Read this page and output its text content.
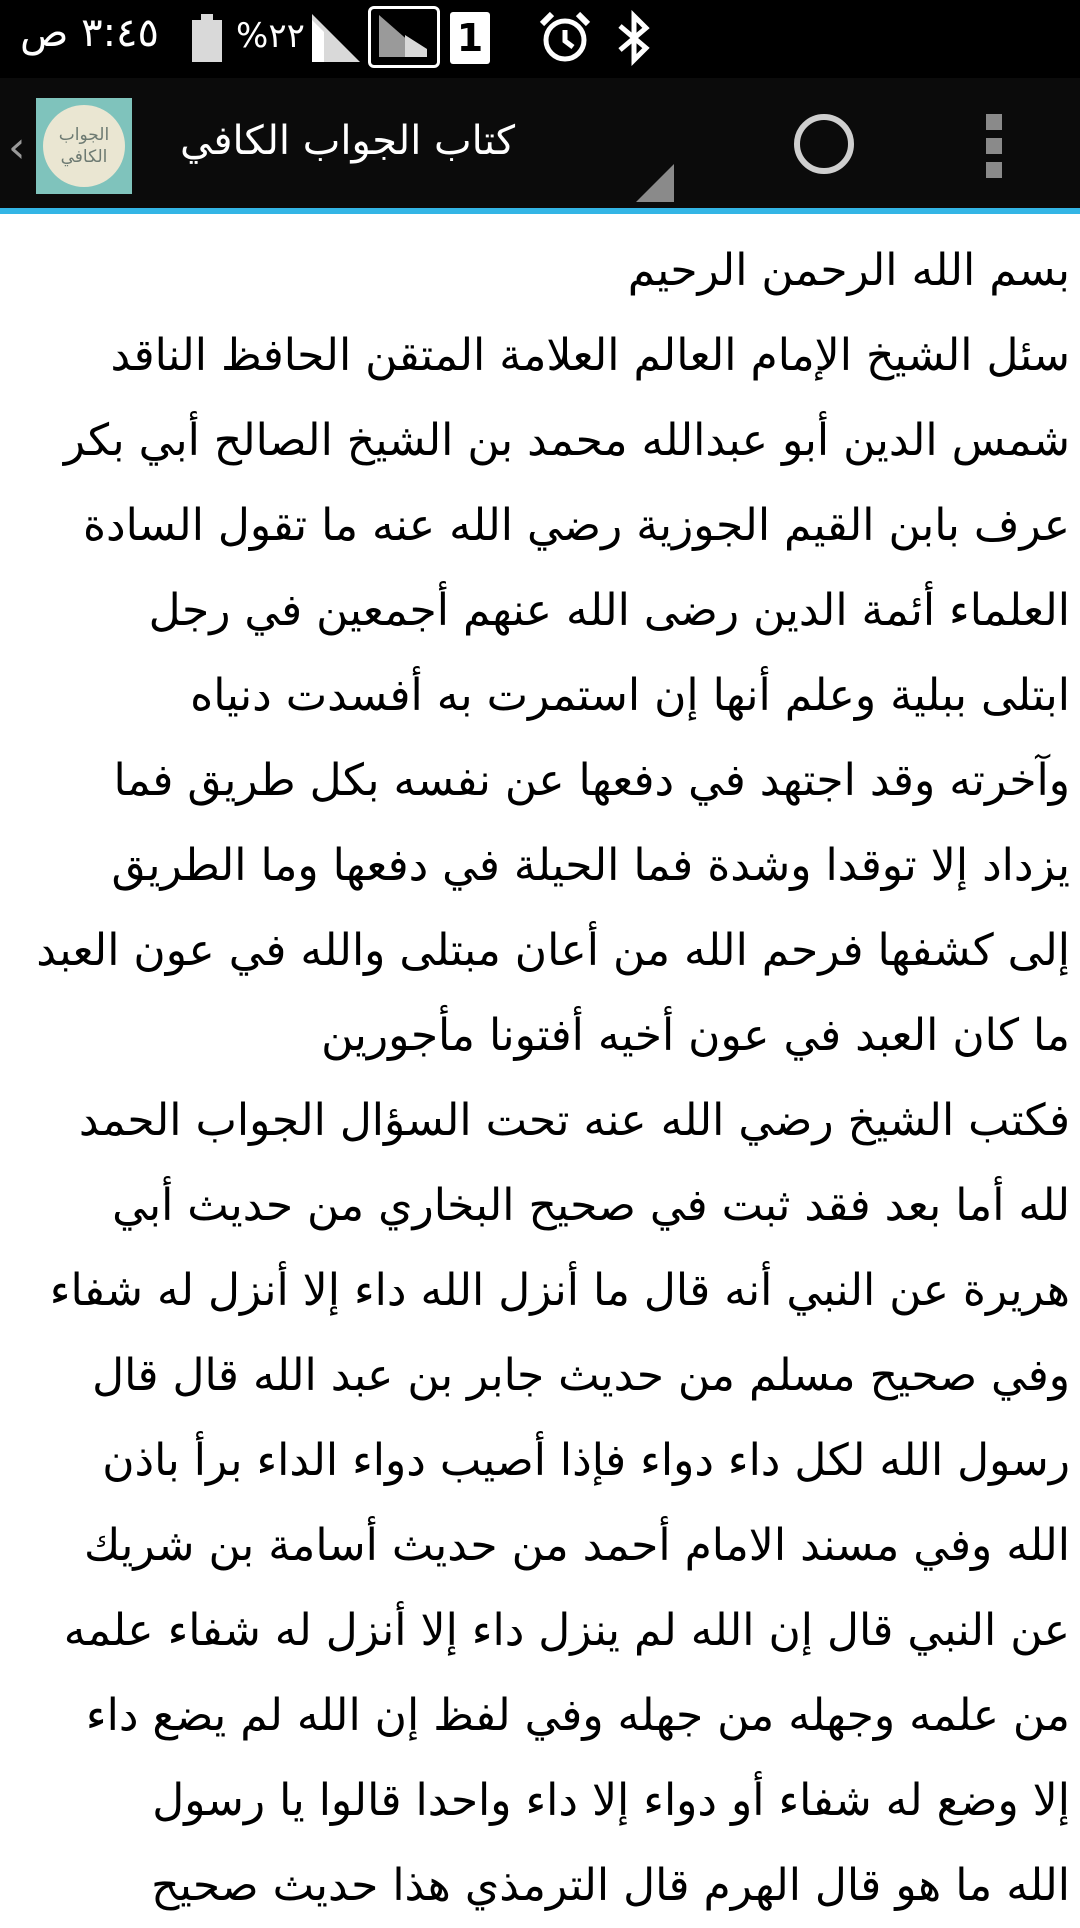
٣:٤٥ ص %٢٢	1
‹	الجواب الكافي	كتاب الجواب الكافي
بسم الله الرحمن الرحيم
سئل الشيخ الإمام العالم العلامة المتقن الحافظ الناقد
شمس الدين أبو عبدالله محمد بن الشيخ الصالح أبي بكر
عرف بابن القيم الجوزية رضي الله عنه ما تقول السادة
العلماء أئمة الدين رضى الله عنهم أجمعين في رجل
ابتلى ببلية وعلم أنها إن استمرت به أفسدت دنياه
وآخرته وقد اجتهد في دفعها عن نفسه بكل طريق فما
يزداد إلا توقدا وشدة فما الحيلة في دفعها وما الطريق
إلى كشفها فرحم الله من أعان مبتلى والله في عون العبد
ما كان العبد في عون أخيه أفتونا مأجورين
فكتب الشيخ رضي الله عنه تحت السؤال الجواب الحمد
لله أما بعد فقد ثبت في صحيح البخاري من حديث أبي
هريرة عن النبي أنه قال ما أنزل الله داء إلا أنزل له شفاء
وفي صحيح مسلم من حديث جابر بن عبد الله قال قال
رسول الله لكل داء دواء فإذا أصيب دواء الداء برأ باذن
الله وفي مسند الامام أحمد من حديث أسامة بن شريك
عن النبي قال إن الله لم ينزل داء إلا أنزل له شفاء علمه
من علمه وجهله من جهله وفي لفظ إن الله لم يضع داء
إلا وضع له شفاء أو دواء إلا داء واحدا قالوا يا رسول
الله ما هو قال الهرم قال الترمذي هذا حديث صحيح
